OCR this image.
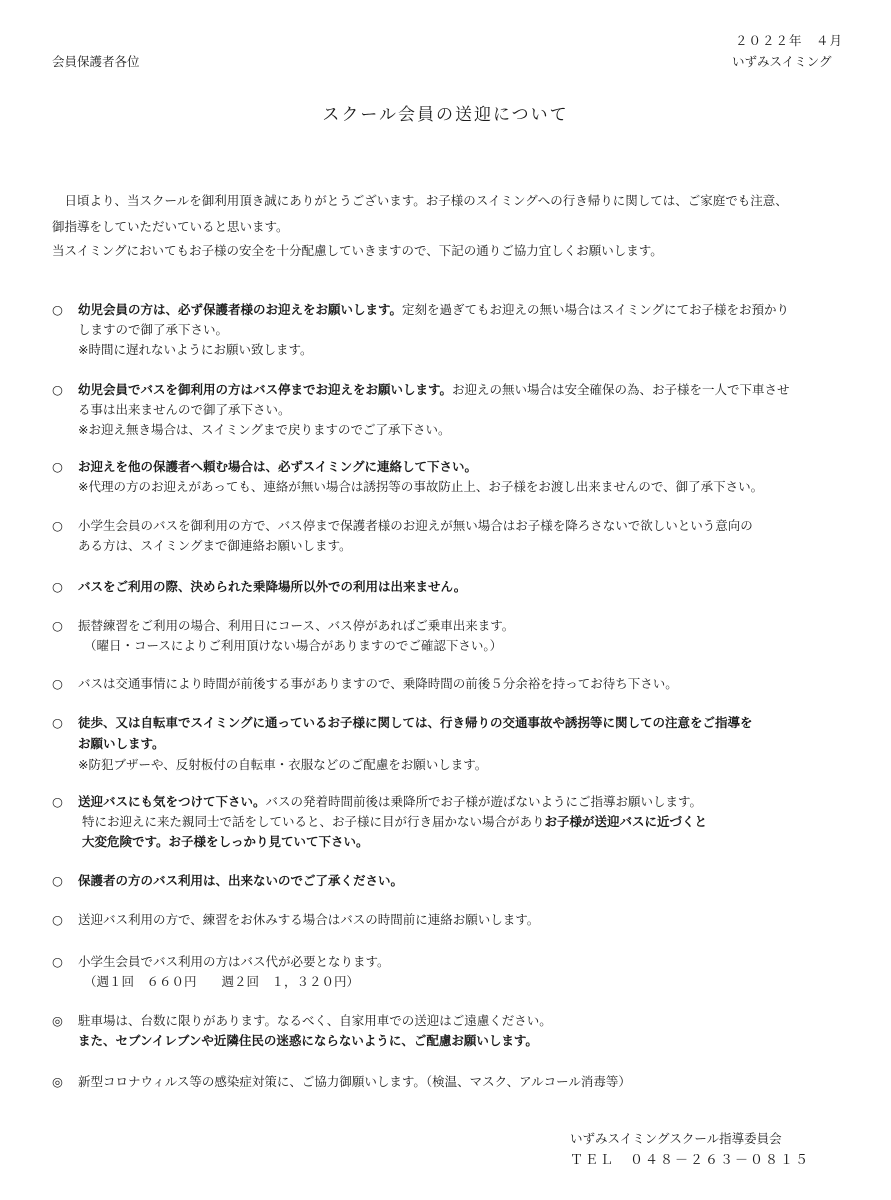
２０２２年　４月
いずみスイミング
会員保護者各位
スクール会員の送迎について
　日頃より、当スクールを御利用頂き誠にありがとうございます。お子様のスイミングへの行き帰りに関しては、ご家庭でも注意、
御指導をしていただいていると思います。
当スイミングにおいてもお子様の安全を十分配慮していきますので、下記の通りご協力宜しくお願いします。
○	幼児会員の方は、必ず保護者様のお迎えをお願いします。定刻を過ぎてもお迎えの無い場合はスイミングにてお子様をお預かり
しますので御了承下さい。
※時間に遅れないようにお願い致します。
○	幼児会員でバスを御利用の方はバス停までお迎えをお願いします。お迎えの無い場合は安全確保の為、お子様を一人で下車させ
る事は出来ませんので御了承下さい。
※お迎え無き場合は、スイミングまで戻りますのでご了承下さい。
○	お迎えを他の保護者へ頼む場合は、必ずスイミングに連絡して下さい。
※代理の方のお迎えがあっても、連絡が無い場合は誘拐等の事故防止上、お子様をお渡し出来ませんので、御了承下さい。
○	小学生会員のバスを御利用の方で、バス停まで保護者様のお迎えが無い場合はお子様を降ろさないで欲しいという意向の
ある方は、スイミングまで御連絡お願いします。
○	バスをご利用の際、決められた乗降場所以外での利用は出来ません。
○	振替練習をご利用の場合、利用日にコース、バス停があればご乗車出来ます。
（曜日・コースによりご利用頂けない場合がありますのでご確認下さい。）
○	バスは交通事情により時間が前後する事がありますので、乗降時間の前後５分余裕を持ってお待ち下さい。
○	徒歩、又は自転車でスイミングに通っているお子様に関しては、行き帰りの交通事故や誘拐等に関しての注意をご指導を
お願いします。
※防犯ブザーや、反射板付の自転車・衣服などのご配慮をお願いします。
○	送迎バスにも気をつけて下さい。バスの発着時間前後は乗降所でお子様が遊ばないようにご指導お願いします。
特にお迎えに来た親同士で話をしていると、お子様に目が行き届かない場合がありお子様が送迎バスに近づくと
大変危険です。お子様をしっかり見ていて下さい。
○	保護者の方のバス利用は、出来ないのでご了承ください。
○	送迎バス利用の方で、練習をお休みする場合はバスの時間前に連絡お願いします。
○	小学生会員でバス利用の方はバス代が必要となります。
（週１回　６６０円　　週２回　１，３２０円）
◎	駐車場は、台数に限りがあります。なるべく、自家用車での送迎はご遠慮ください。
また、セブンイレブンや近隣住民の迷惑にならないように、ご配慮お願いします。
◎	新型コロナウィルス等の感染症対策に、ご協力御願いします。（検温、マスク、アルコール消毒等）
いずみスイミングスクール指導委員会
ＴＥＬ　０４８－２６３－０８１５
